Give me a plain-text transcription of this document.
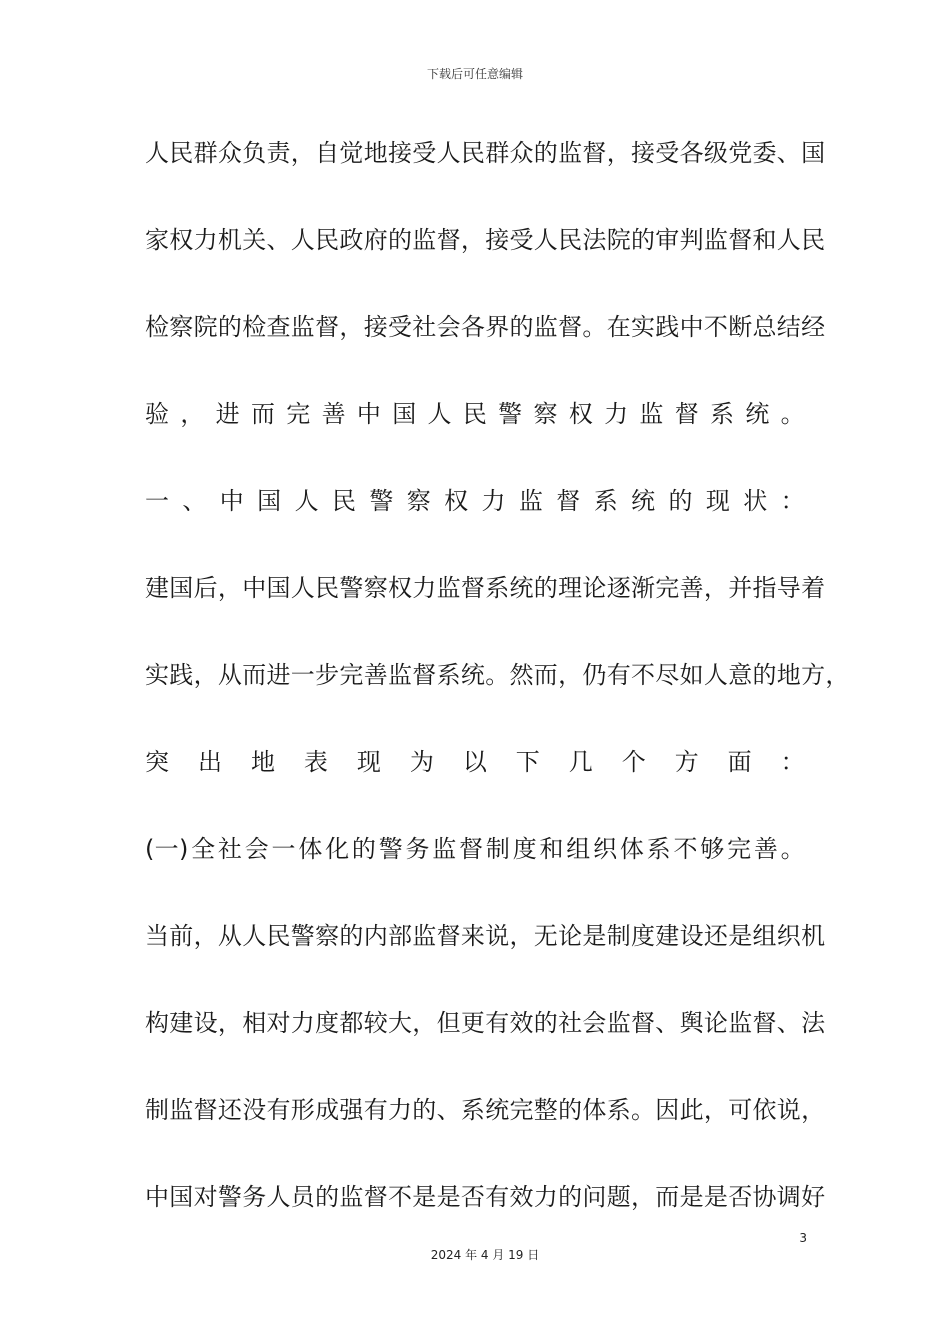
下载后可任意编辑
人民群众负责，自觉地接受人民群众的监督，接受各级党委、国
家权力机关、人民政府的监督，接受人民法院的审判监督和人民
检察院的检查监督，接受社会各界的监督。在实践中不断总结经
验 ， 进 而 完 善 中 国 人 民 警 察 权 力 监 督 系 统 。
一 、 中 国 人 民 警 察 权 力 监 督 系 统 的 现 状 ：
建国后，中国人民警察权力监督系统的理论逐渐完善，并指导着
实践，从而进一步完善监督系统。然而，仍有不尽如人意的地方，
突 出 地 表 现 为 以 下 几 个 方 面 ：
(一) 全 社 会 一 体 化 的 警 务 监 督 制 度 和 组 织 体 系 不 够 完 善 。
当前，从人民警察的内部监督来说，无论是制度建设还是组织机
构建设，相对力度都较大，但更有效的社会监督、舆论监督、法
制监督还没有形成强有力的、系统完整的体系。因此，可依说，
中国对警务人员的监督不是是否有效力的问题，而是是否协调好
3
2024 年 4 月 19 日
